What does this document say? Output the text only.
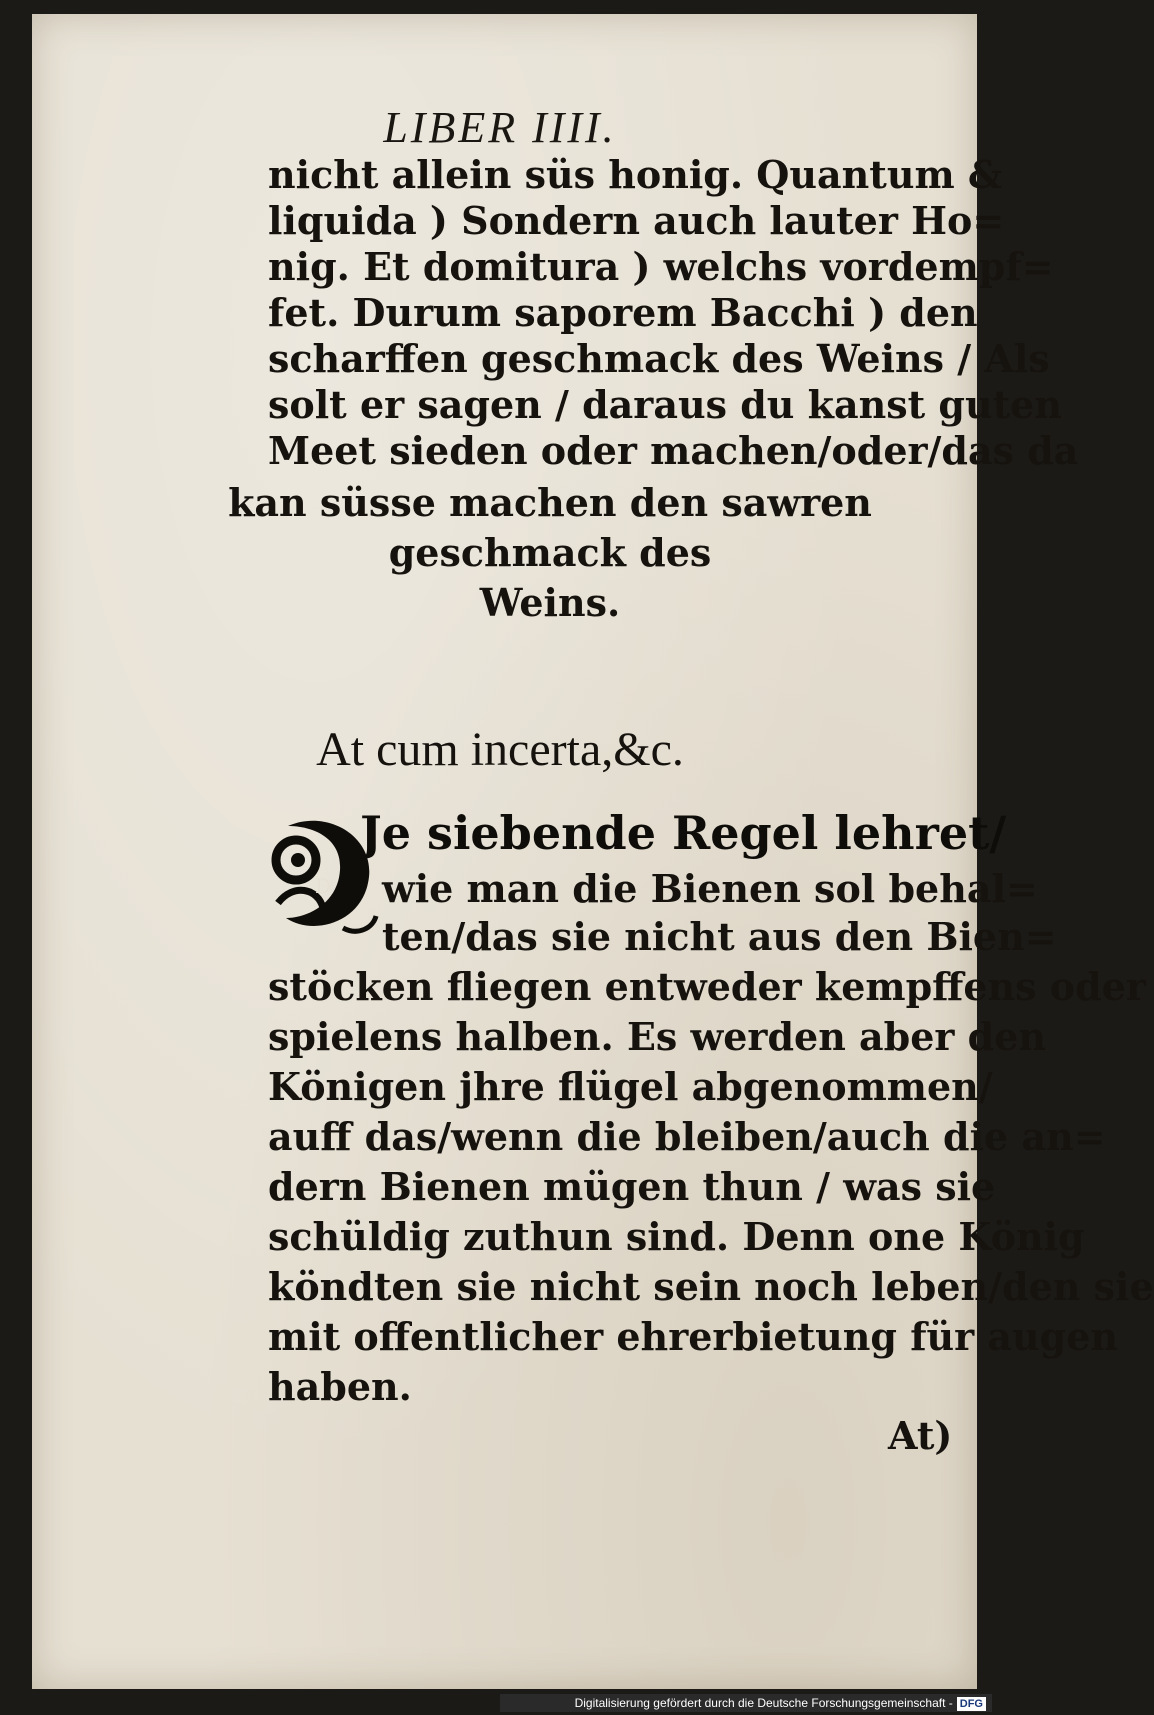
LIBER IIII.
nicht allein süs honig. Quantum &
liquida ) Sondern auch lauter Ho=
nig. Et domitura ) welchs vordempf=
fet. Durum saporem Bacchi ) den
scharffen geschmack des Weins / Als
solt er sagen / daraus du kanst guten
Meet sieden oder machen/oder/das da
kan süsse machen den sawren
geschmack des
Weins.
At cum incerta,&c.
D
Je siebende Regel lehret/
wie man die Bienen sol behal=
ten/das sie nicht aus den Bien=
stöcken fliegen entweder kempffens oder
spielens halben. Es werden aber den
Königen jhre flügel abgenommen/
auff das/wenn die bleiben/auch die an=
dern Bienen mügen thun / was sie
schüldig zuthun sind. Denn one König
köndten sie nicht sein noch leben/den sie
mit offentlicher ehrerbietung für augen
haben.
At)
Digitalisierung gefördert durch die Deutsche Forschungsgemeinschaft - DFG
